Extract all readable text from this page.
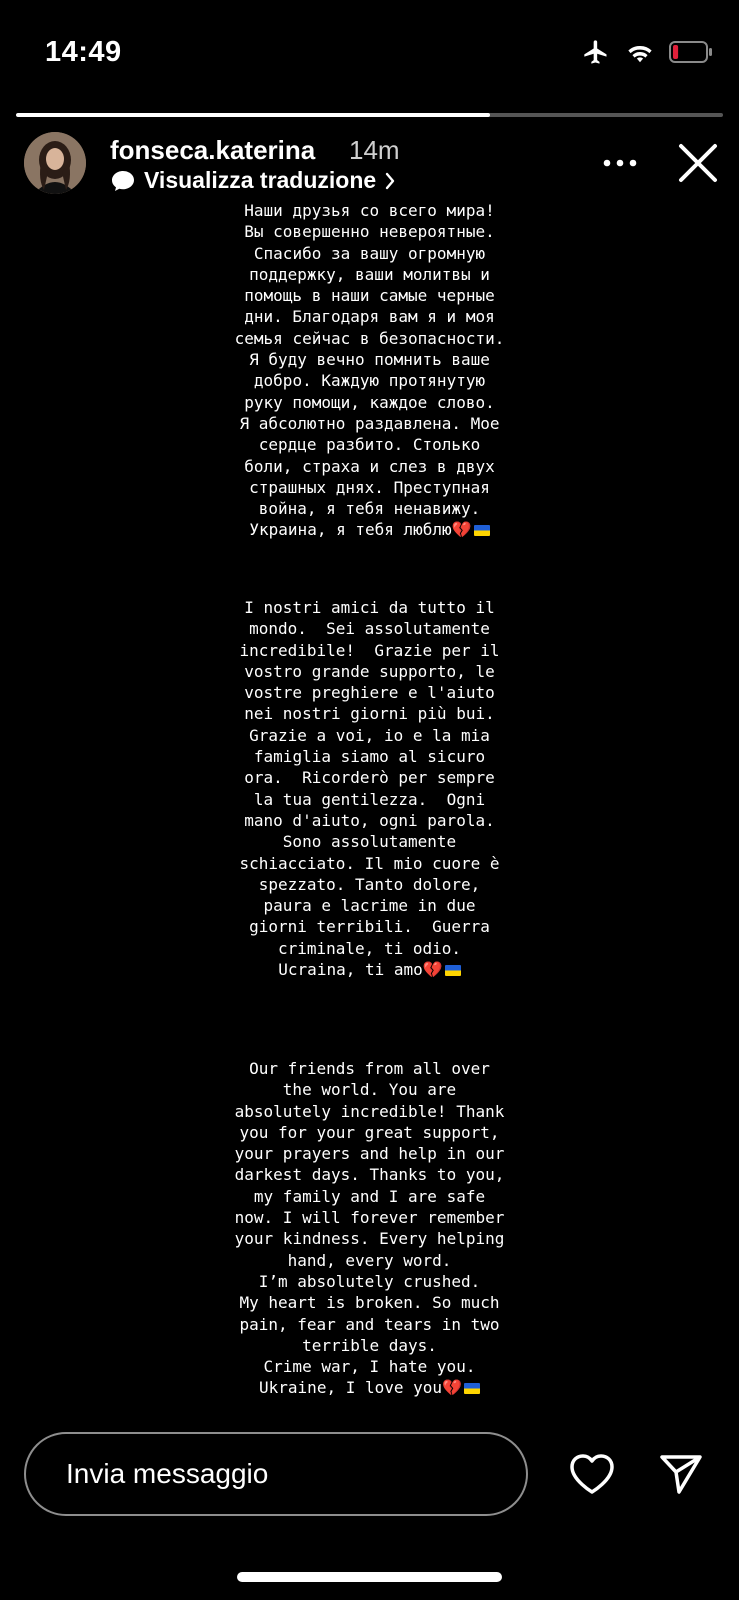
14:49
fonseca.katerina 14m
Visualizza traduzione

Наши друзья со всего мира!
Вы совершенно невероятные.
Спасибо за вашу огромную
поддержку, ваши молитвы и
помощь в наши самые черные
дни. Благодаря вам я и моя
семья сейчас в безопасности.
Я буду вечно помнить ваше
добро. Каждую протянутую
руку помощи, каждое слово.
Я абсолютно раздавлена. Мое
сердце разбито. Столько
боли, страха и слез в двух
страшных днях. Преступная
война, я тебя ненавижу.
Украина, я тебя люблю💔

I nostri amici da tutto il
mondo.  Sei assolutamente
incredibile!  Grazie per il
vostro grande supporto, le
vostre preghiere e l'aiuto
nei nostri giorni più bui.
Grazie a voi, io e la mia
famiglia siamo al sicuro
ora.  Ricorderò per sempre
la tua gentilezza.  Ogni
mano d'aiuto, ogni parola.
Sono assolutamente
schiacciato. Il mio cuore è
spezzato. Tanto dolore,
paura e lacrime in due
giorni terribili.  Guerra
criminale, ti odio.
Ucraina, ti amo💔

Our friends from all over
the world. You are
absolutely incredible! Thank
you for your great support,
your prayers and help in our
darkest days. Thanks to you,
my family and I are safe
now. I will forever remember
your kindness. Every helping
hand, every word.
I’m absolutely crushed.
My heart is broken. So much
pain, fear and tears in two
terrible days.
Crime war, I hate you.
Ukraine, I love you💔

Invia messaggio
